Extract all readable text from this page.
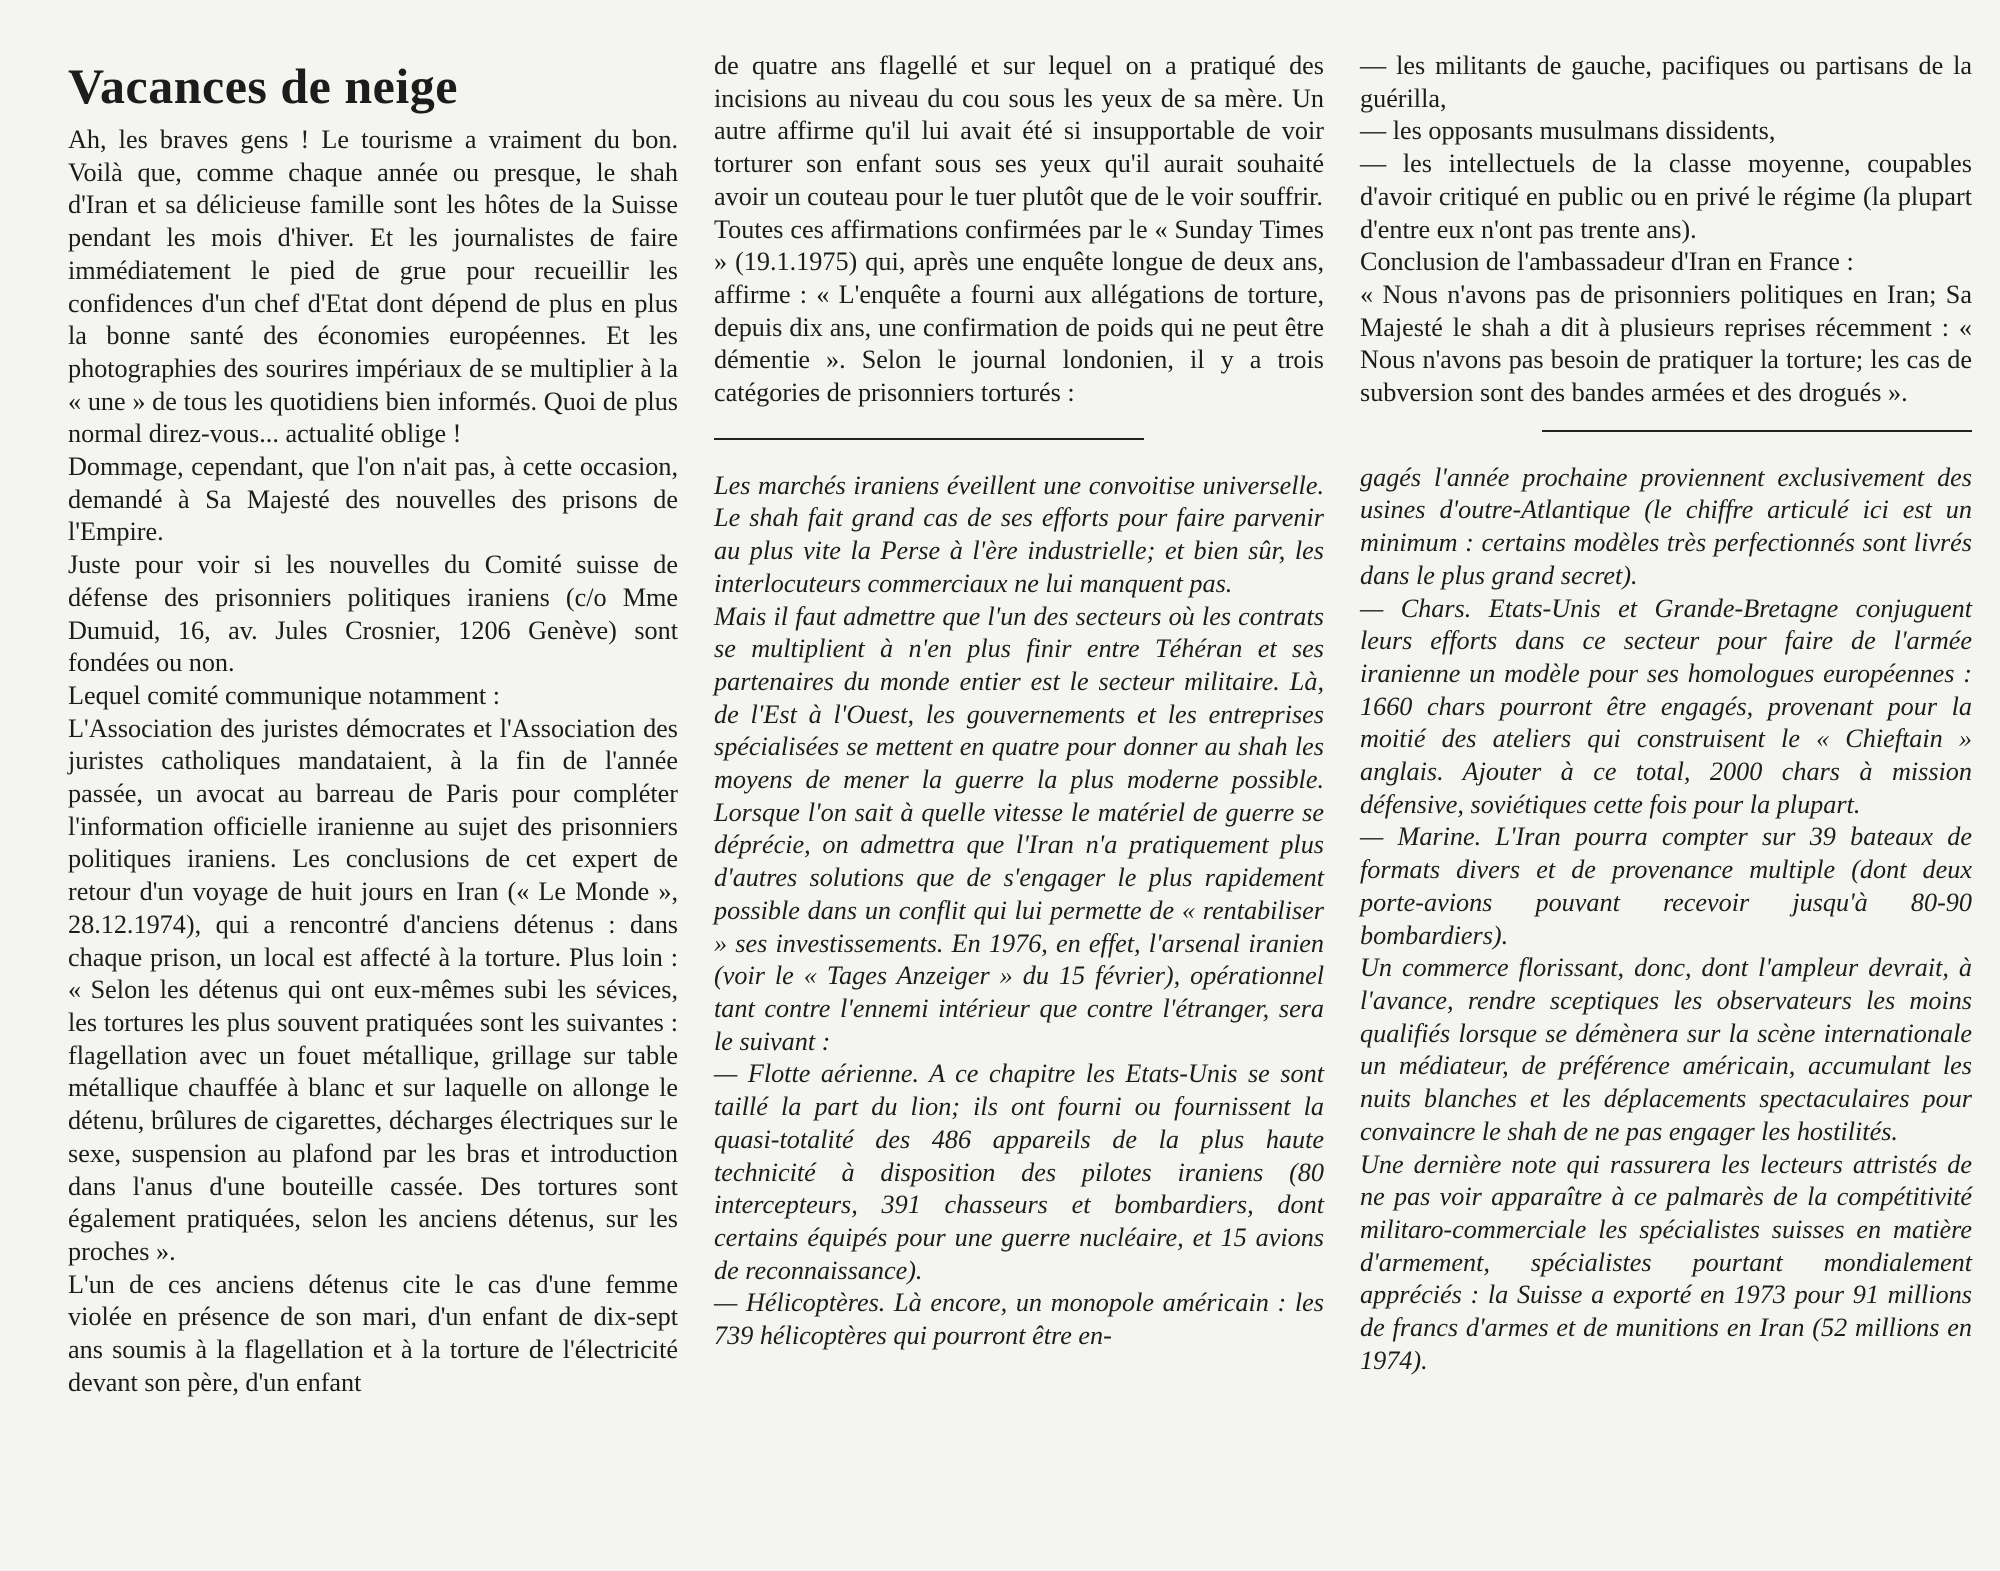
Vacances de neige

Ah, les braves gens ! Le tourisme a vraiment du bon. Voilà que, comme chaque année ou presque, le shah d'Iran et sa délicieuse famille sont les hôtes de la Suisse pendant les mois d'hiver. Et les journalistes de faire immédiatement le pied de grue pour recueillir les confidences d'un chef d'Etat dont dépend de plus en plus la bonne santé des économies européennes. Et les photographies des sourires impériaux de se multiplier à la « une » de tous les quotidiens bien informés. Quoi de plus normal direz-vous... actualité oblige !

Dommage, cependant, que l'on n'ait pas, à cette occasion, demandé à Sa Majesté des nouvelles des prisons de l'Empire.

Juste pour voir si les nouvelles du Comité suisse de défense des prisonniers politiques iraniens (c/o Mme Dumuid, 16, av. Jules Crosnier, 1206 Genève) sont fondées ou non.

Lequel comité communique notamment :

L'Association des juristes démocrates et l'Association des juristes catholiques mandataient, à la fin de l'année passée, un avocat au barreau de Paris pour compléter l'information officielle iranienne au sujet des prisonniers politiques iraniens. Les conclusions de cet expert de retour d'un voyage de huit jours en Iran (« Le Monde », 28.12.1974), qui a rencontré d'anciens détenus : dans chaque prison, un local est affecté à la torture. Plus loin : « Selon les détenus qui ont eux-mêmes subi les sévices, les tortures les plus souvent pratiquées sont les suivantes : flagellation avec un fouet métallique, grillage sur table métallique chauffée à blanc et sur laquelle on allonge le détenu, brûlures de cigarettes, décharges électriques sur le sexe, suspension au plafond par les bras et introduction dans l'anus d'une bouteille cassée. Des tortures sont également pratiquées, selon les anciens détenus, sur les proches ».

L'un de ces anciens détenus cite le cas d'une femme violée en présence de son mari, d'un enfant de dix-sept ans soumis à la flagellation et à la torture de l'électricité devant son père, d'un enfant

de quatre ans flagellé et sur lequel on a pratiqué des incisions au niveau du cou sous les yeux de sa mère. Un autre affirme qu'il lui avait été si insupportable de voir torturer son enfant sous ses yeux qu'il aurait souhaité avoir un couteau pour le tuer plutôt que de le voir souffrir.

Toutes ces affirmations confirmées par le « Sunday Times » (19.1.1975) qui, après une enquête longue de deux ans, affirme : « L'enquête a fourni aux allégations de torture, depuis dix ans, une confirmation de poids qui ne peut être démentie ». Selon le journal londonien, il y a trois catégories de prisonniers torturés :

Les marchés iraniens éveillent une convoitise universelle. Le shah fait grand cas de ses efforts pour faire parvenir au plus vite la Perse à l'ère industrielle; et bien sûr, les interlocuteurs commerciaux ne lui manquent pas.

Mais il faut admettre que l'un des secteurs où les contrats se multiplient à n'en plus finir entre Téhéran et ses partenaires du monde entier est le secteur militaire. Là, de l'Est à l'Ouest, les gouvernements et les entreprises spécialisées se mettent en quatre pour donner au shah les moyens de mener la guerre la plus moderne possible. Lorsque l'on sait à quelle vitesse le matériel de guerre se déprécie, on admettra que l'Iran n'a pratiquement plus d'autres solutions que de s'engager le plus rapidement possible dans un conflit qui lui permette de « rentabiliser » ses investissements. En 1976, en effet, l'arsenal iranien (voir le « Tages Anzeiger » du 15 février), opérationnel tant contre l'ennemi intérieur que contre l'étranger, sera le suivant :

— Flotte aérienne. A ce chapitre les Etats-Unis se sont taillé la part du lion; ils ont fourni ou fournissent la quasi-totalité des 486 appareils de la plus haute technicité à disposition des pilotes iraniens (80 intercepteurs, 391 chasseurs et bombardiers, dont certains équipés pour une guerre nucléaire, et 15 avions de reconnaissance).

— Hélicoptères. Là encore, un monopole américain : les 739 hélicoptères qui pourront être en-

— les militants de gauche, pacifiques ou partisans de la guérilla,

— les opposants musulmans dissidents,

— les intellectuels de la classe moyenne, coupables d'avoir critiqué en public ou en privé le régime (la plupart d'entre eux n'ont pas trente ans).

Conclusion de l'ambassadeur d'Iran en France :

« Nous n'avons pas de prisonniers politiques en Iran; Sa Majesté le shah a dit à plusieurs reprises récemment : « Nous n'avons pas besoin de pratiquer la torture; les cas de subversion sont des bandes armées et des drogués ».

gagés l'année prochaine proviennent exclusivement des usines d'outre-Atlantique (le chiffre articulé ici est un minimum : certains modèles très perfectionnés sont livrés dans le plus grand secret).

— Chars. Etats-Unis et Grande-Bretagne conjuguent leurs efforts dans ce secteur pour faire de l'armée iranienne un modèle pour ses homologues européennes : 1660 chars pourront être engagés, provenant pour la moitié des ateliers qui construisent le « Chieftain » anglais. Ajouter à ce total, 2000 chars à mission défensive, soviétiques cette fois pour la plupart.

— Marine. L'Iran pourra compter sur 39 bateaux de formats divers et de provenance multiple (dont deux porte-avions pouvant recevoir jusqu'à 80-90 bombardiers).

Un commerce florissant, donc, dont l'ampleur devrait, à l'avance, rendre sceptiques les observateurs les moins qualifiés lorsque se démènera sur la scène internationale un médiateur, de préférence américain, accumulant les nuits blanches et les déplacements spectaculaires pour convaincre le shah de ne pas engager les hostilités.

Une dernière note qui rassurera les lecteurs attristés de ne pas voir apparaître à ce palmarès de la compétitivité militaro-commerciale les spécialistes suisses en matière d'armement, spécialistes pourtant mondialement appréciés : la Suisse a exporté en 1973 pour 91 millions de francs d'armes et de munitions en Iran (52 millions en 1974).
